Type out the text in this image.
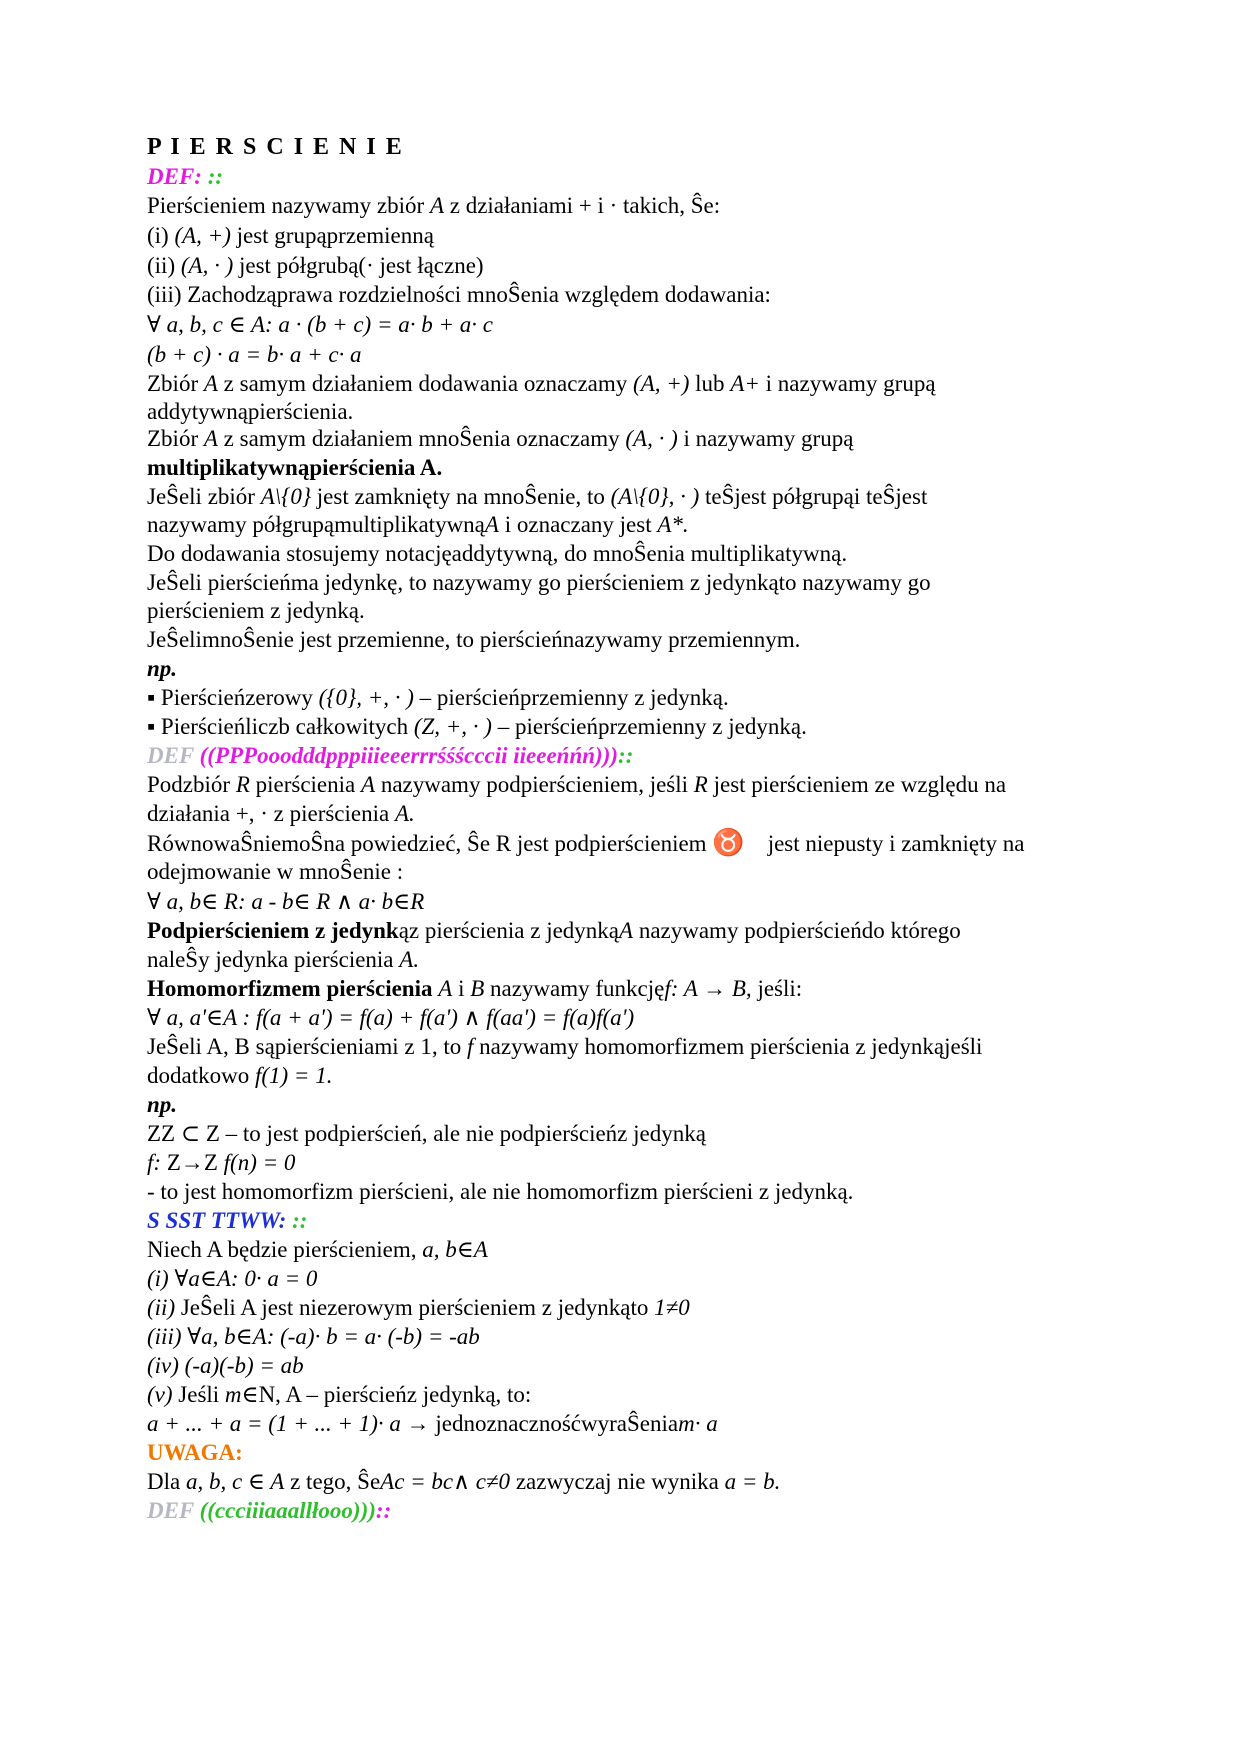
P I E R S C I E N I E
DEF: ::
Pierścieniem nazywamy zbiór A z działaniami + i · takich, Ŝe:
(i) (A, +) jest grupąprzemienną
(ii) (A, · ) jest półgrubą(· jest łączne)
(iii) Zachodząprawa rozdzielności mnoŜenia względem dodawania:
∀ a, b, c ∈ A: a · (b + c) = a· b + a· c
(b + c) · a = b· a + c· a
Zbiór A z samym działaniem dodawania oznaczamy (A, +) lub A+ i nazywamy grupą
addytywnąpierścienia.
Zbiór A z samym działaniem mnoŜenia oznaczamy (A, · ) i nazywamy grupą
multiplikatywnąpierścienia A.
JeŜeli zbiór A\{0} jest zamknięty na mnoŜenie, to (A\{0}, · ) teŜjest półgrupąi teŜjest
nazywamy półgrupąmultiplikatywnąA i oznaczany jest A*.
Do dodawania stosujemy notacjęaddytywną, do mnoŜenia multiplikatywną.
JeŜeli pierścieńma jedynkę, to nazywamy go pierścieniem z jedynkąto nazywamy go
pierścieniem z jedynką.
JeŜelimnoŜenie jest przemienne, to pierścieńnazywamy przemiennym.
np.
▪ Pierścieńzerowy ({0}, +, · ) – pierścieńprzemienny z jedynką.
▪ Pierścieńliczb całkowitych (Z, +, · ) – pierścieńprzemienny z jedynką.
DEF ((PPPooodddpppiiieeerrrśśścccii iieeeńńń)))::
Podzbiór R pierścienia A nazywamy podpierścieniem, jeśli R jest pierścieniem ze względu na
działania +, · z pierścienia A.
RównowaŜniemoŜna powiedzieć, Ŝe R jest podpierścieniem ♉ jest niepusty i zamknięty na
odejmowanie w mnoŜenie :
∀ a, b∈ R: a - b∈ R ∧ a· b∈R
Podpierścieniem z jedynkąz pierścienia z jedynkąA nazywamy podpierścieńdo którego
naleŜy jedynka pierścienia A.
Homomorfizmem pierścienia A i B nazywamy funkcjęf: A → B, jeśli:
∀ a, a'∈A : f(a + a') = f(a) + f(a') ∧ f(aa') = f(a)f(a')
JeŜeli A, B sąpierścieniami z 1, to f nazywamy homomorfizmem pierścienia z jedynkąjeśli
dodatkowo f(1) = 1.
np.
ZZ ⊂ Z – to jest podpierścień, ale nie podpierścieńz jedynką
f: Z→Z f(n) = 0
- to jest homomorfizm pierścieni, ale nie homomorfizm pierścieni z jedynką.
S SST TTWW: ::
Niech A będzie pierścieniem, a, b∈A
(i) ∀a∈A: 0· a = 0
(ii) JeŜeli A jest niezerowym pierścieniem z jedynkąto 1≠0
(iii) ∀a, b∈A: (-a)· b = a· (-b) = -ab
(iv) (-a)(-b) = ab
(v) Jeśli m∈N, A – pierścieńz jedynką, to:
a + ... + a = (1 + ... + 1)· a → jednoznacznośćwyraŜeniam· a
UWAGA:
Dla a, b, c ∈ A z tego, ŜeAc = bc∧ c≠0 zazwyczaj nie wynika a = b.
DEF ((ccciiiaaallłooo)))::
